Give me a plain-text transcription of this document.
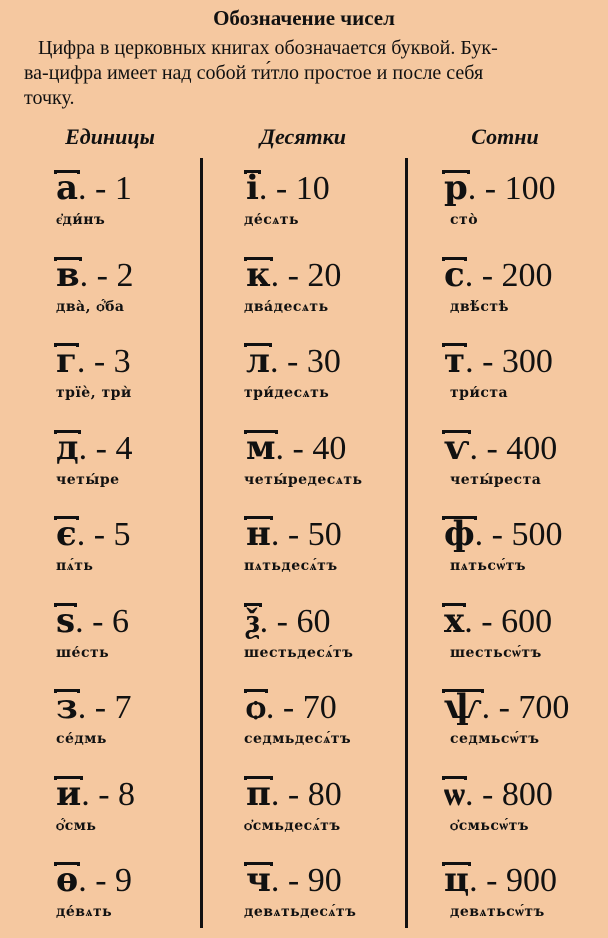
Обозначение чисел
Цифра в церковных книгах обозначается буквой. Бук-
ва-цифра имеет над собой ти́тло простое и после себя
точку.
Единицы	Десятки	Сотни
а. - 1
є҆ди́нъ
в. - 2
два̀, ѻ҆́ба
г. - 3
трїѐ, трѝ
д. - 4
четы́ре
є. - 5
пѧ́ть
ѕ. - 6
ше́сть
з. - 7
се́дмь
и. - 8
ѻ҆́смь
ѳ. - 9
де́вѧть
і. - 10
де́сѧть
к. - 20
два́десѧть
л. - 30
три́десѧть
м. - 40
четы́редесѧть
н. - 50
пѧтьдесѧ́тъ
ѯ. - 60
шестьдесѧ́тъ
ѻ. - 70
седмьдесѧ́тъ
п. - 80
ѻ҆смьдесѧ́тъ
ч. - 90
девѧтьдесѧ́тъ
р. - 100
сто̀
с. - 200
двѣ́стѣ
т. - 300
три́ста
ѵ. - 400
четы́реста
ф. - 500
пѧтьсѡ́тъ
х. - 600
шестьсѡ́тъ
ѱ. - 700
седмьсѡ́тъ
ѡ. - 800
ѻ҆смьсѡ́тъ
ц. - 900
девѧтьсѡ́тъ
